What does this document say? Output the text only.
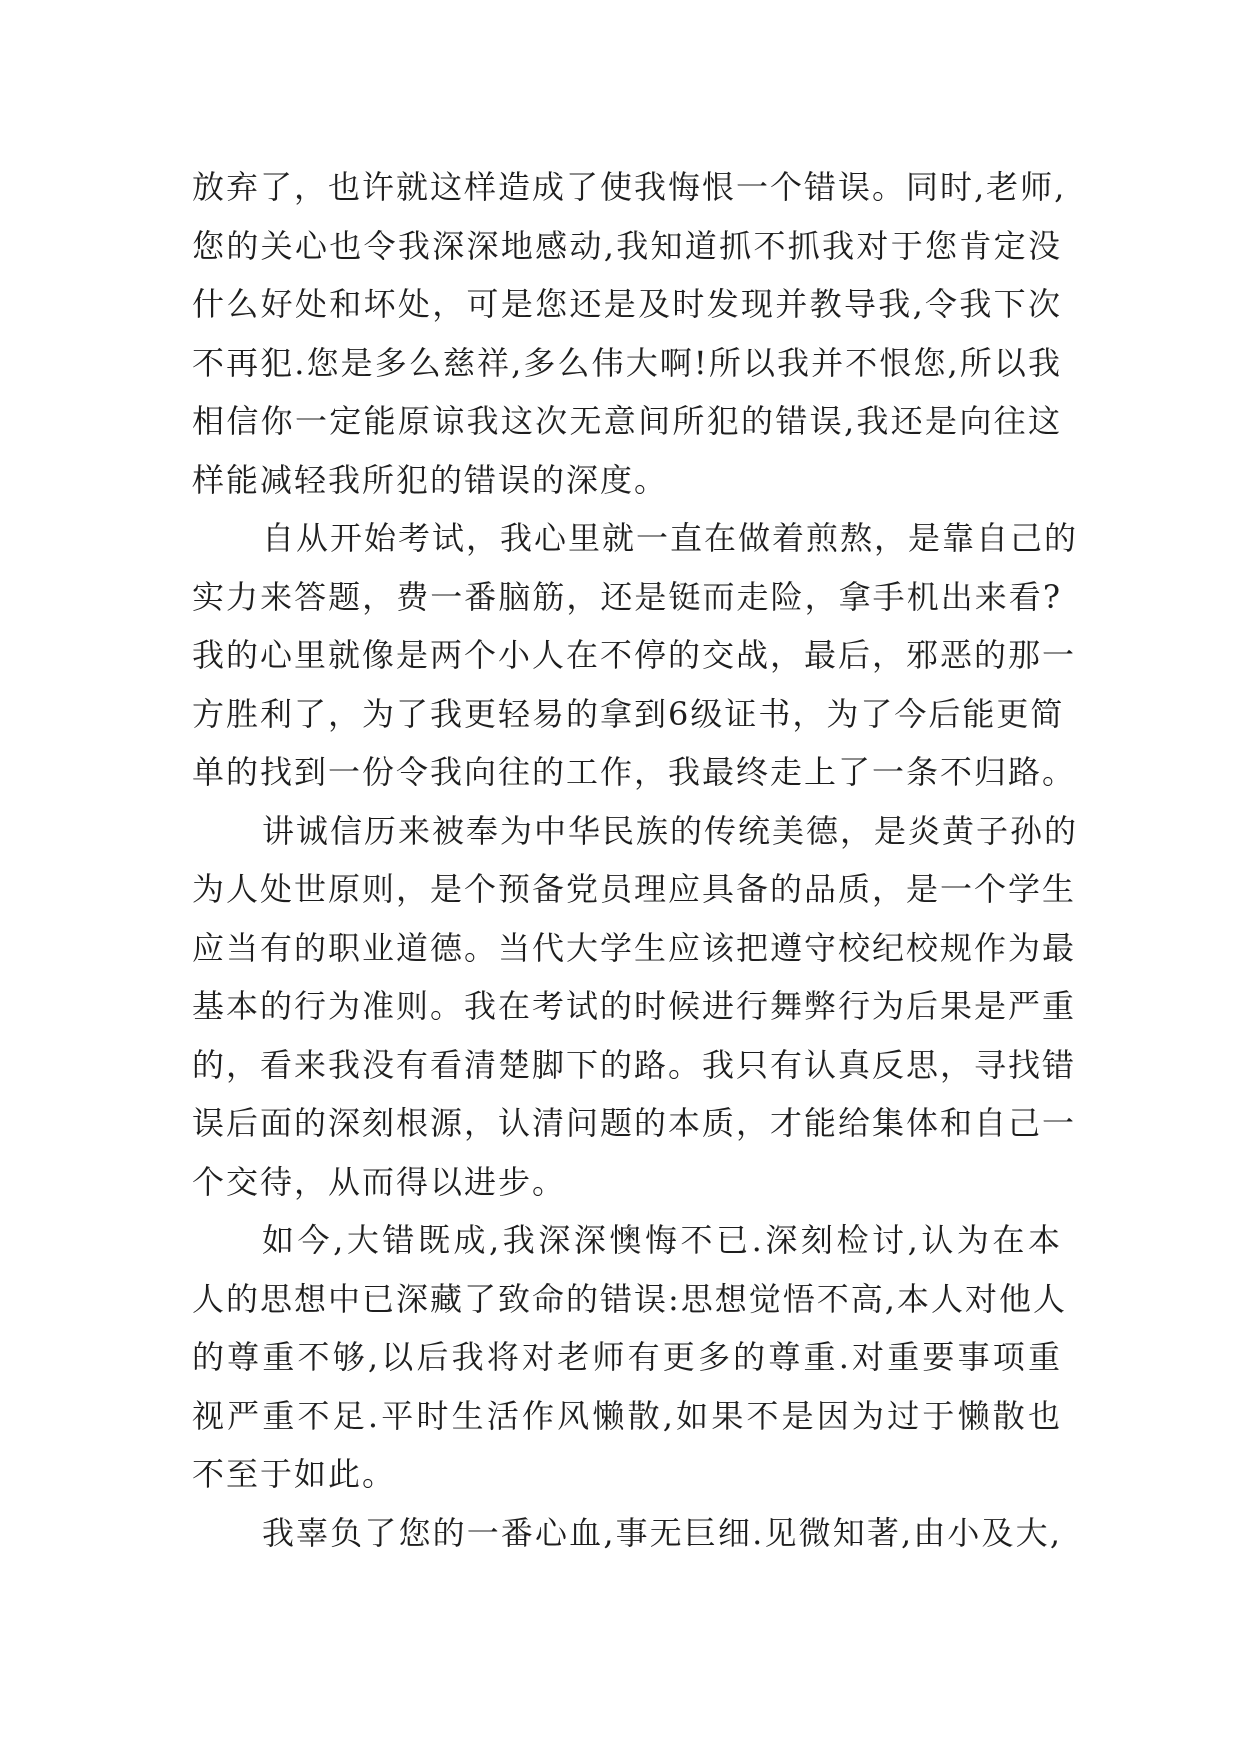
放弃了，也许就这样造成了使我悔恨一个错误。同时,老师,
您的关心也令我深深地感动,我知道抓不抓我对于您肯定没
什么好处和坏处，可是您还是及时发现并教导我,令我下次
不再犯.您是多么慈祥,多么伟大啊!所以我并不恨您,所以我
相信你一定能原谅我这次无意间所犯的错误,我还是向往这
样能减轻我所犯的错误的深度。
自从开始考试，我心里就一直在做着煎熬，是靠自己的
实力来答题，费一番脑筋，还是铤而走险，拿手机出来看?
我的心里就像是两个小人在不停的交战，最后，邪恶的那一
方胜利了，为了我更轻易的拿到6级证书，为了今后能更简
单的找到一份令我向往的工作，我最终走上了一条不归路。
讲诚信历来被奉为中华民族的传统美德，是炎黄子孙的
为人处世原则，是个预备党员理应具备的品质，是一个学生
应当有的职业道德。当代大学生应该把遵守校纪校规作为最
基本的行为准则。我在考试的时候进行舞弊行为后果是严重
的，看来我没有看清楚脚下的路。我只有认真反思，寻找错
误后面的深刻根源，认清问题的本质，才能给集体和自己一
个交待，从而得以进步。
如今,大错既成,我深深懊悔不已.深刻检讨,认为在本
人的思想中已深藏了致命的错误:思想觉悟不高,本人对他人
的尊重不够,以后我将对老师有更多的尊重.对重要事项重
视严重不足.平时生活作风懒散,如果不是因为过于懒散也
不至于如此。
我辜负了您的一番心血,事无巨细.见微知著,由小及大,
